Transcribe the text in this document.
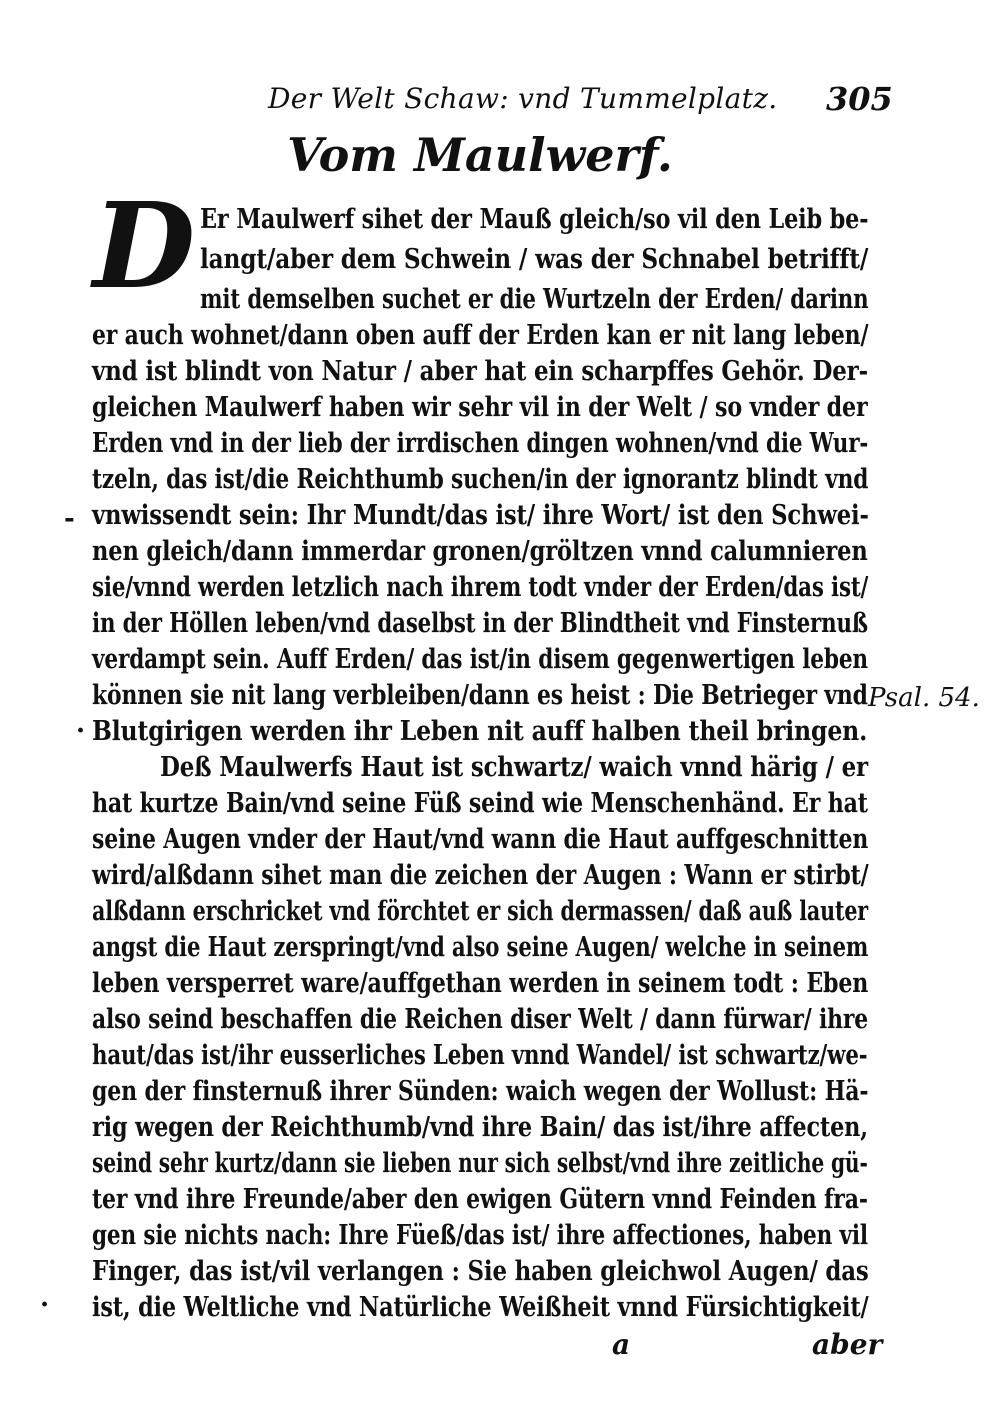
Der Welt Schaw: vnd Tummelplatz. 305
Vom Maulwerf.
D Er Maulwerf sihet der Mauß gleich/so vil den Leib be-
langt/aber dem Schwein / was der Schnabel betrifft/
mit demselben suchet er die Wurtzeln der Erden/ darinn
er auch wohnet/dann oben auff der Erden kan er nit lang leben/
vnd ist blindt von Natur / aber hat ein scharpffes Gehör. Der-
gleichen Maulwerf haben wir sehr vil in der Welt / so vnder der
Erden vnd in der lieb der irrdischen dingen wohnen/vnd die Wur-
tzeln, das ist/die Reichthumb suchen/in der ignorantz blindt vnd
vnwissendt sein: Ihr Mundt/das ist/ ihre Wort/ ist den Schwei-
nen gleich/dann immerdar gronen/gröltzen vnnd calumnieren
sie/vnnd werden letzlich nach ihrem todt vnder der Erden/das ist/
in der Höllen leben/vnd daselbst in der Blindtheit vnd Finsternuß
verdampt sein. Auff Erden/ das ist/in disem gegenwertigen leben
können sie nit lang verbleiben/dann es heist : Die Betrieger vnd
Blutgirigen werden ihr Leben nit auff halben theil bringen.
Deß Maulwerfs Haut ist schwartz/ waich vnnd härig / er
hat kurtze Bain/vnd seine Füß seind wie Menschenhänd. Er hat
seine Augen vnder der Haut/vnd wann die Haut auffgeschnitten
wird/alßdann sihet man die zeichen der Augen : Wann er stirbt/
alßdann erschricket vnd förchtet er sich dermassen/ daß auß lauter
angst die Haut zerspringt/vnd also seine Augen/ welche in seinem
leben versperret ware/auffgethan werden in seinem todt : Eben
also seind beschaffen die Reichen diser Welt / dann fürwar/ ihre
haut/das ist/ihr eusserliches Leben vnnd Wandel/ ist schwartz/we-
gen der finsternuß ihrer Sünden: waich wegen der Wollust: Hä-
rig wegen der Reichthumb/vnd ihre Bain/ das ist/ihre affecten,
seind sehr kurtz/dann sie lieben nur sich selbst/vnd ihre zeitliche gü-
ter vnd ihre Freunde/aber den ewigen Gütern vnnd Feinden fra-
gen sie nichts nach: Ihre Füeß/das ist/ ihre affectiones, haben vil
Finger, das ist/vil verlangen : Sie haben gleichwol Augen/ das
ist, die Weltliche vnd Natürliche Weißheit vnnd Fürsichtigkeit/
-
·
·
Psal. 54.
a	aber
